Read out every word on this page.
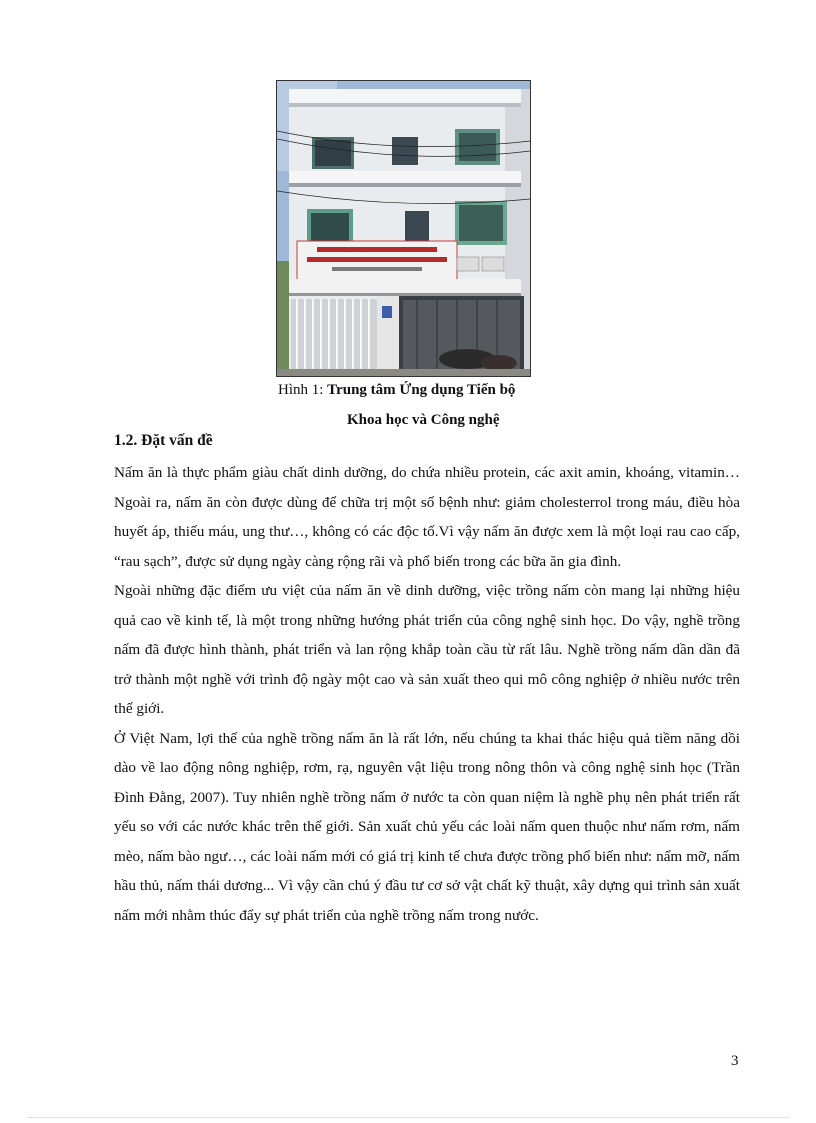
Hình 1: Trung tâm Ứng dụng Tiến bộ
Khoa học và Công nghệ
1.2. Đặt vấn đề

Nấm ăn là thực phẩm giàu chất dinh dưỡng, do chứa nhiều protein, các axit amin, khoáng, vitamin…Ngoài ra, nấm ăn còn được dùng để chữa trị một số bệnh như: giảm cholesterrol trong máu, điều hòa huyết áp, thiếu máu, ung thư…, không có các độc tố.Vì vậy nấm ăn được xem là một loại rau cao cấp, “rau sạch”, được sử dụng ngày càng rộng rãi và phổ biến trong các bữa ăn gia đình.

Ngoài những đặc điểm ưu việt của nấm ăn về dinh dưỡng, việc trồng nấm còn mang lại những hiệu quả cao về kinh tế, là một trong những hướng phát triển của công nghệ sinh học. Do vậy, nghề trồng nấm đã được hình thành, phát triển và lan rộng khắp toàn cầu từ rất lâu. Nghề trồng nấm dần dần đã trở thành một nghề với trình độ ngày một cao và sản xuất theo qui mô công nghiệp ở nhiều nước trên thế giới.

Ở Việt Nam, lợi thế của nghề trồng nấm ăn là rất lớn, nếu chúng ta khai thác hiệu quả tiềm năng dồi dào về lao động nông nghiệp, rơm, rạ, nguyên vật liệu trong nông thôn và công nghệ sinh học (Trần Đình Đằng, 2007). Tuy nhiên nghề trồng nấm ở nước ta còn quan niệm là nghề phụ nên phát triển rất yếu so với các nước khác trên thế giới. Sản xuất chủ yếu các loài nấm quen thuộc như nấm rơm, nấm mèo, nấm bào ngư…, các loài nấm mới có giá trị kinh tế chưa được trồng phổ biến như: nấm mỡ, nấm hầu thủ, nấm thái dương... Vì vậy cần chú ý đầu tư cơ sở vật chất kỹ thuật, xây dựng qui trình sản xuất nấm mới nhằm thúc đẩy sự phát triển của nghề trồng nấm trong nước.

3
